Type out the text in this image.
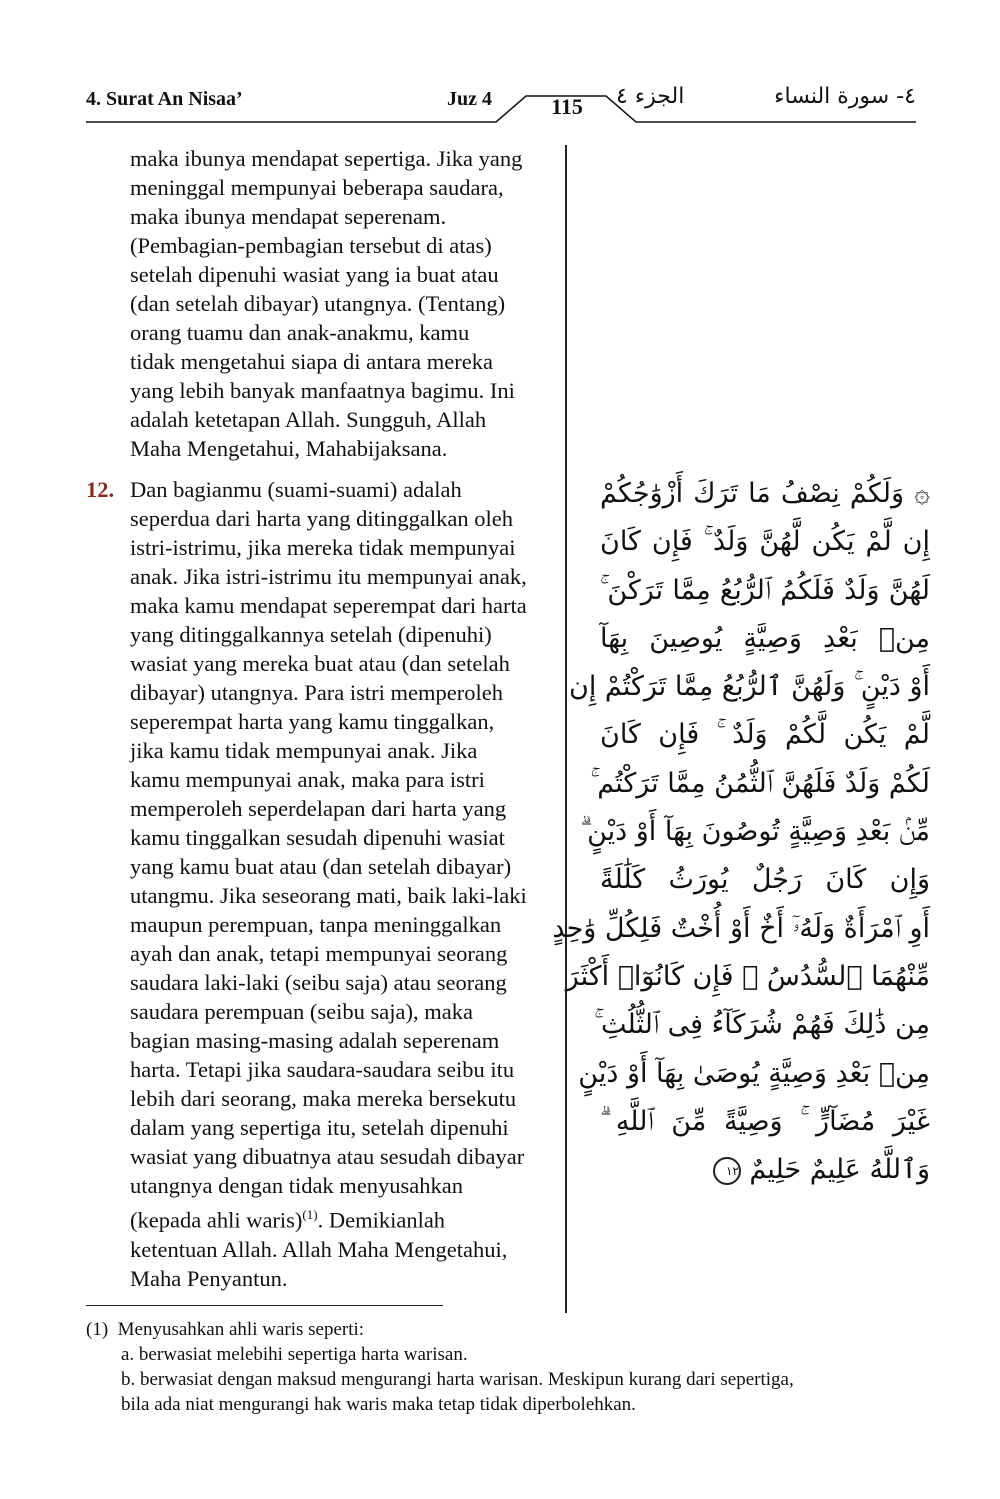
4. Surat An Nisaa’	Juz 4	115 الجزء ٤	٤- سورة النساء

maka ibunya mendapat sepertiga. Jika yang

meninggal mempunyai beberapa saudara,

maka ibunya mendapat seperenam.

(Pembagian-pembagian tersebut di atas)

setelah dipenuhi wasiat yang ia buat atau

(dan setelah dibayar) utangnya. (Tentang)

orang tuamu dan anak-anakmu, kamu

tidak mengetahui siapa di antara mereka

yang lebih banyak manfaatnya bagimu. Ini

adalah ketetapan Allah. Sungguh, Allah

Maha Mengetahui, Mahabijaksana.

12. Dan bagianmu (suami-suami) adalah

seperdua dari harta yang ditinggalkan oleh

istri-istrimu, jika mereka tidak mempunyai

anak. Jika istri-istrimu itu mempunyai anak,

maka kamu mendapat seperempat dari harta

yang ditinggalkannya setelah (dipenuhi)

wasiat yang mereka buat atau (dan setelah

dibayar) utangnya. Para istri memperoleh

seperempat harta yang kamu tinggalkan,

jika kamu tidak mempunyai anak. Jika

kamu mempunyai anak, maka para istri

memperoleh seperdelapan dari harta yang

kamu tinggalkan sesudah dipenuhi wasiat

yang kamu buat atau (dan setelah dibayar)

utangmu. Jika seseorang mati, baik laki-laki

maupun perempuan, tanpa meninggalkan

ayah dan anak, tetapi mempunyai seorang

saudara laki-laki (seibu saja) atau seorang

saudara perempuan (seibu saja), maka

bagian masing-masing adalah seperenam

harta. Tetapi jika saudara-saudara seibu itu

lebih dari seorang, maka mereka bersekutu

dalam yang sepertiga itu, setelah dipenuhi

wasiat yang dibuatnya atau sesudah dibayar

utangnya dengan tidak menyusahkan

(kepada ahli waris)$^{(1)}$. Demikianlah

ketentuan Allah. Allah Maha Mengetahui,

Maha Penyantun.

۞ وَلَكُمْ نِصْفُ مَا تَرَكَ أَزْوَٰجُكُمْ

إِن لَّمْ يَكُن لَّهُنَّ وَلَدٌ ۚ فَإِن كَانَ

لَهُنَّ وَلَدٌ فَلَكُمُ ٱلرُّبُعُ مِمَّا تَرَكْنَ ۚ

مِنۢ بَعْدِ وَصِيَّةٍ يُوصِينَ بِهَآ

أَوْ دَيْنٍ ۚ وَلَهُنَّ ٱلرُّبُعُ مِمَّا تَرَكْتُمْ إِن

لَّمْ يَكُن لَّكُمْ وَلَدٌ ۚ فَإِن كَانَ

لَكُمْ وَلَدٌ فَلَهُنَّ ٱلثُّمُنُ مِمَّا تَرَكْتُم ۚ

مِّنۢ بَعْدِ وَصِيَّةٍ تُوصُونَ بِهَآ أَوْ دَيْنٍ ۗ

وَإِن كَانَ رَجُلٌ يُورَثُ كَلَٰلَةً

أَوِ ٱمْرَأَةٌ وَلَهُۥٓ أَخٌ أَوْ أُخْتٌ فَلِكُلِّ وَٰحِدٍ

مِّنْهُمَا ٱلسُّدُسُ ۚ فَإِن كَانُوٓا۟ أَكْثَرَ

مِن ذَٰلِكَ فَهُمْ شُرَكَآءُ فِى ٱلثُّلُثِ ۚ

مِنۢ بَعْدِ وَصِيَّةٍ يُوصَىٰ بِهَآ أَوْ دَيْنٍ

غَيْرَ مُضَآرٍّ ۚ وَصِيَّةً مِّنَ ٱللَّهِ ۗ

وَٱللَّهُ عَلِيمٌ حَلِيمٌ ١٢

(1) Menyusahkan ahli waris seperti:

a. berwasiat melebihi sepertiga harta warisan.

b. berwasiat dengan maksud mengurangi harta warisan. Meskipun kurang dari sepertiga,

bila ada niat mengurangi hak waris maka tetap tidak diperbolehkan.
